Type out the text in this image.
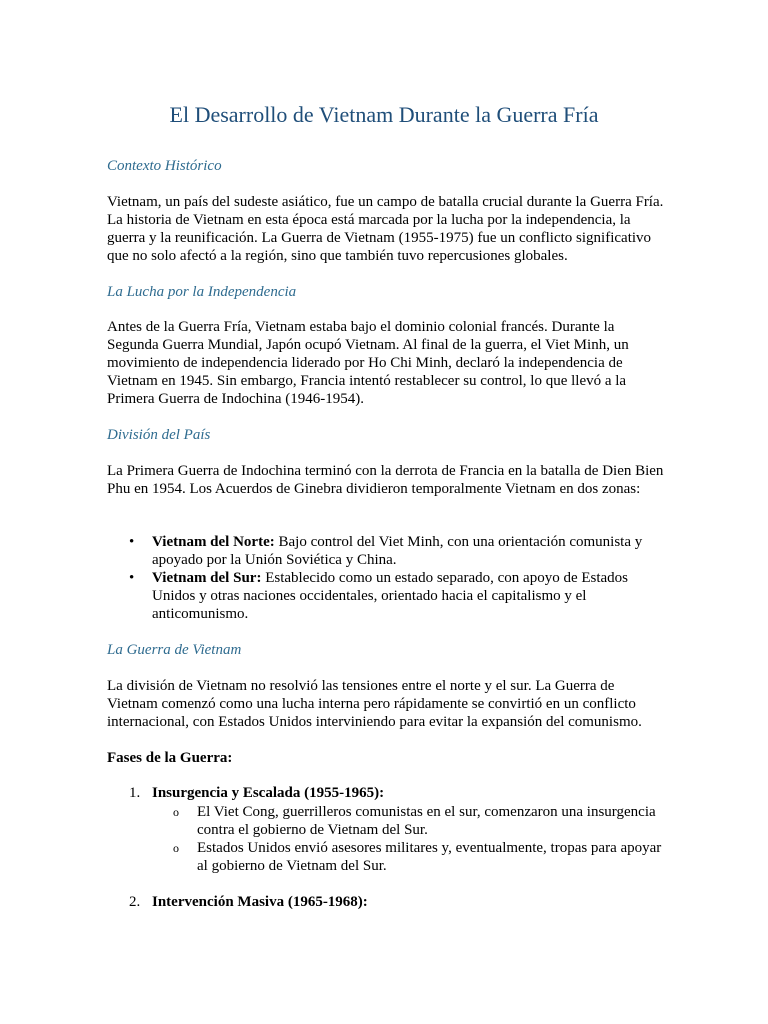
El Desarrollo de Vietnam Durante la Guerra Fría
Contexto Histórico

Vietnam, un país del sudeste asiático, fue un campo de batalla crucial durante la Guerra Fría. La historia de Vietnam en esta época está marcada por la lucha por la independencia, la guerra y la reunificación. La Guerra de Vietnam (1955-1975) fue un conflicto significativo que no solo afectó a la región, sino que también tuvo repercusiones globales.

La Lucha por la Independencia

Antes de la Guerra Fría, Vietnam estaba bajo el dominio colonial francés. Durante la Segunda Guerra Mundial, Japón ocupó Vietnam. Al final de la guerra, el Viet Minh, un movimiento de independencia liderado por Ho Chi Minh, declaró la independencia de Vietnam en 1945. Sin embargo, Francia intentó restablecer su control, lo que llevó a la Primera Guerra de Indochina (1946-1954).

División del País

La Primera Guerra de Indochina terminó con la derrota de Francia en la batalla de Dien Bien Phu en 1954. Los Acuerdos de Ginebra dividieron temporalmente Vietnam en dos zonas:

• Vietnam del Norte: Bajo control del Viet Minh, con una orientación comunista y apoyado por la Unión Soviética y China.
• Vietnam del Sur: Establecido como un estado separado, con apoyo de Estados Unidos y otras naciones occidentales, orientado hacia el capitalismo y el anticomunismo.
La Guerra de Vietnam

La división de Vietnam no resolvió las tensiones entre el norte y el sur. La Guerra de Vietnam comenzó como una lucha interna pero rápidamente se convirtió en un conflicto internacional, con Estados Unidos interviniendo para evitar la expansión del comunismo.

Fases de la Guerra:

1. Insurgencia y Escalada (1955-1965):
o El Viet Cong, guerrilleros comunistas en el sur, comenzaron una insurgencia contra el gobierno de Vietnam del Sur.
o Estados Unidos envió asesores militares y, eventualmente, tropas para apoyar al gobierno de Vietnam del Sur.
2. Intervención Masiva (1965-1968):
